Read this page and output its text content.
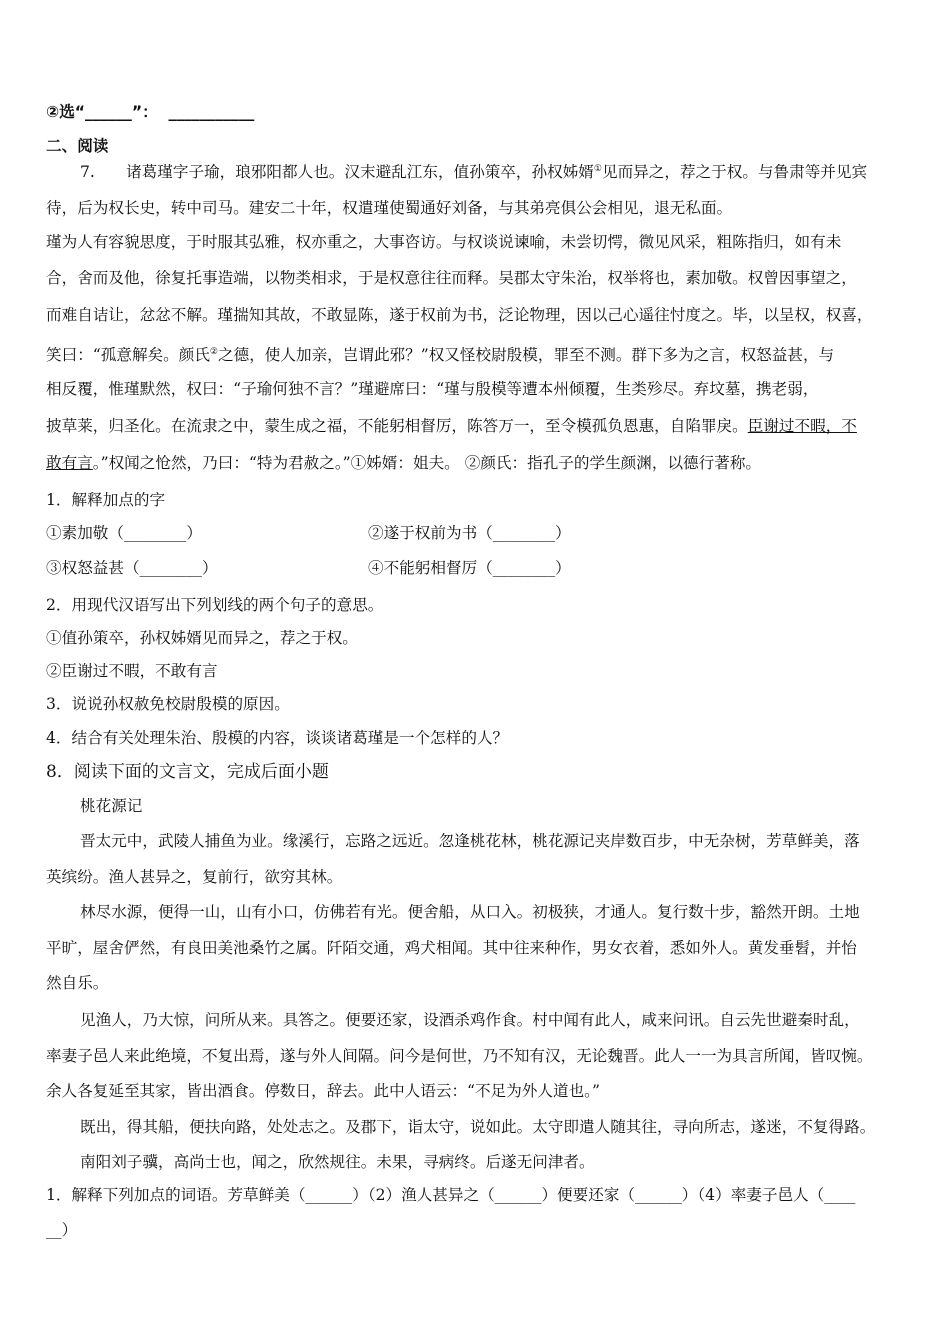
②选“______”： ___________
二、阅读
7.　　诸葛瑾字子瑜，琅邪阳都人也。汉末避乱江东，值孙策卒，孙权姊婿①见而异之，荐之于权。与鲁肃等并见宾
待，后为权长史，转中司马。建安二十年，权遣瑾使蜀通好刘备，与其弟亮俱公会相见，退无私面。
瑾为人有容貌思度，于时服其弘雅，权亦重之，大事咨访。与权谈说谏喻，未尝切愕，微见风采，粗陈指归，如有未
合，舍而及他，徐复托事造端，以物类相求，于是权意往往而释。吴郡太守朱治，权举将也，素加敬。权曾因事望之，
而难自诘让，忿忿不解。瑾揣知其故，不敢显陈，遂于权前为书，泛论物理，因以己心遥往忖度之。毕，以呈权，权喜，
笑曰：“孤意解矣。颜氏②之德，使人加亲，岂谓此邪？”权又怪校尉殷模，罪至不测。群下多为之言，权怒益甚，与
相反覆，惟瑾默然，权曰：“子瑜何独不言？”瑾避席曰：“瑾与殷模等遭本州倾覆，生类殄尽。弃坟墓，携老弱，
披草莱，归圣化。在流隶之中，蒙生成之福，不能躬相督厉，陈答万一，至令模孤负恩惠，自陷罪戾。臣谢过不暇，不
敢有言。”权闻之怆然，乃曰：“特为君赦之。”①姊婿：姐夫。 ②颜氏：指孔子的学生颜渊，以德行著称。
1．解释加点的字
①素加敬（________）	②遂于权前为书（________）
③权怒益甚（________）	④不能躬相督厉（________）
2．用现代汉语写出下列划线的两个句子的意思。
①值孙策卒，孙权姊婿见而异之，荐之于权。
②臣谢过不暇，不敢有言
3．说说孙权赦免校尉殷模的原因。
4．结合有关处理朱治、殷模的内容，谈谈诸葛瑾是一个怎样的人？
8．阅读下面的文言文，完成后面小题
桃花源记
晋太元中，武陵人捕鱼为业。缘溪行，忘路之远近。忽逢桃花林，桃花源记夹岸数百步，中无杂树，芳草鲜美，落
英缤纷。渔人甚异之，复前行，欲穷其林。
林尽水源，便得一山，山有小口，仿佛若有光。便舍船，从口入。初极狭，才通人。复行数十步，豁然开朗。土地
平旷，屋舍俨然，有良田美池桑竹之属。阡陌交通，鸡犬相闻。其中往来种作，男女衣着，悉如外人。黄发垂髫，并怡
然自乐。
见渔人，乃大惊，问所从来。具答之。便要还家，设酒杀鸡作食。村中闻有此人，咸来问讯。自云先世避秦时乱，
率妻子邑人来此绝境，不复出焉，遂与外人间隔。问今是何世，乃不知有汉，无论魏晋。此人一一为具言所闻，皆叹惋。
余人各复延至其家，皆出酒食。停数日，辞去。此中人语云：“不足为外人道也。”
既出，得其船，便扶向路，处处志之。及郡下，诣太守，说如此。太守即遣人随其往，寻向所志，遂迷，不复得路。
南阳刘子骥，高尚士也，闻之，欣然规往。未果，寻病终。后遂无问津者。
1．解释下列加点的词语。芳草鲜美（______）（2）渔人甚异之（______）便要还家（______）（4）率妻子邑人（____
__）
